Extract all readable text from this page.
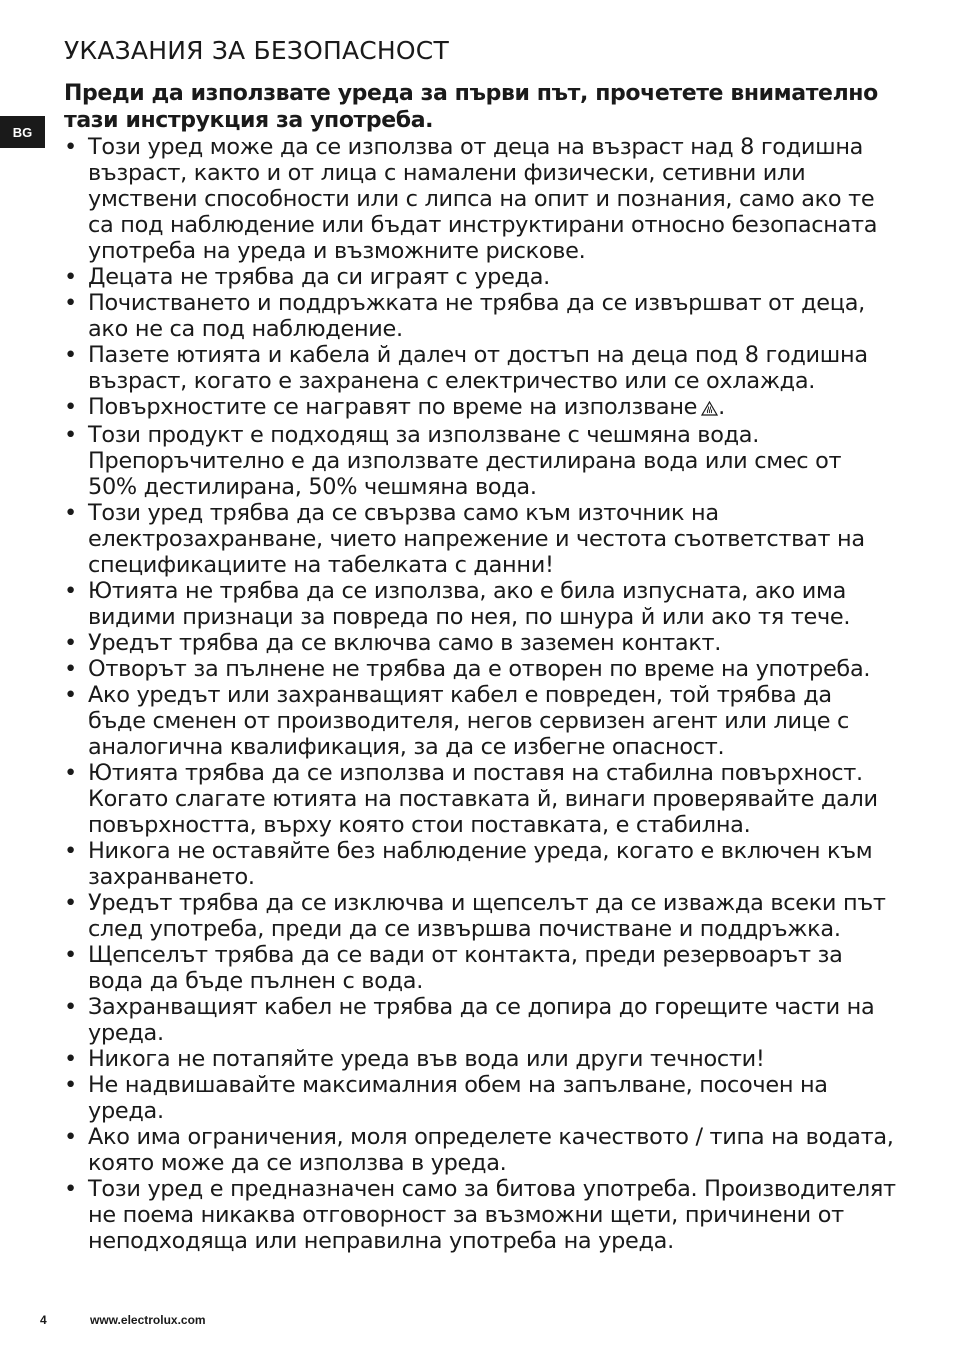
УКАЗАНИЯ ЗА БЕЗОПАСНОСТ
BG

Преди да използвате уреда за първи път, прочетете внимателно тази инструкция за употреба.

• Този уред може да се използва от деца на възраст над 8 годишна възраст, както и от лица с намалени физически, сетивни или умствени способности или с липса на опит и познания, само ако те са под наблюдение или бъдат инструктирани относно безопасната употреба на уреда и възможните рискове.
• Децата не трябва да си играят с уреда.
• Почистването и поддръжката не трябва да се извършват от деца, ако не са под наблюдение.
• Пазете ютията и кабела й далеч от достъп на деца под 8 годишна възраст, когато е захранена с електричество или се охлажда.
• Повърхностите се награвят по време на използване .
• Този продукт е подходящ за използване с чешмяна вода. Препоръчително е да използвате дестилирана вода или смес от 50% дестилирана, 50% чешмяна вода.
• Този уред трябва да се свързва само към източник на електрозахранване, чието напрежение и честота съответстват на спецификациите на табелката с данни!
• Ютията не трябва да се използва, ако е била изпусната, ако има видими признаци за повреда по нея, по шнура й или ако тя тече.
• Уредът трябва да се включва само в заземен контакт.
• Отворът за пълнене не трябва да е отворен по време на употреба.
• Ако уредът или захранващият кабел е повреден, той трябва да бъде сменен от производителя, негов сервизен агент или лице с аналогична квалификация, за да се избегне опасност.
• Ютията трябва да се използва и поставя на стабилна повърхност. Когато слагате ютията на поставката й, винаги проверявайте дали повърхността, върху която стои поставката, е стабилна.
• Никога не оставяйте без наблюдение уреда, когато е включен към захранването.
• Уредът трябва да се изключва и щепселът да се изважда всеки път след употреба, преди да се извършва почистване и поддръжка.
• Щепселът трябва да се вади от контакта, преди резервоарът за вода да бъде пълнен с вода.
• Захранващият кабел не трябва да се допира до горещите части на уреда.
• Никога не потапяйте уреда във вода или други течности!
• Не надвишавайте максималния обем на запълване, посочен на уреда.
• Ако има ограничения, моля определете качеството / типа на водата, която може да се използва в уреда.
• Този уред е предназначен само за битова употреба. Производителят не поема никаква отговорност за възможни щети, причинени от неподходяща или неправилна употреба на уреда.
4	www.electrolux.com
